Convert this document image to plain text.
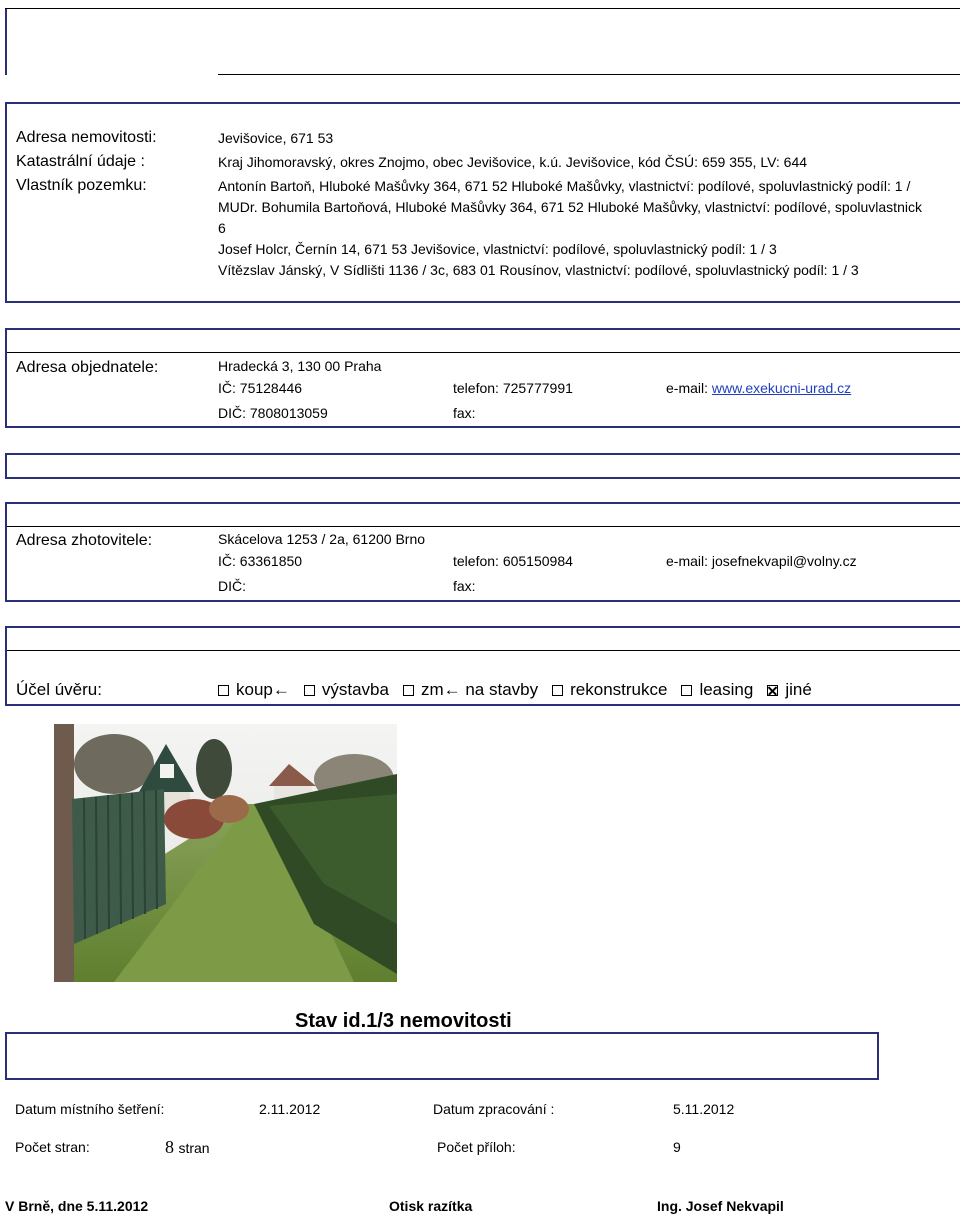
Adresa nemovitosti:	Jevišovice, 671 53
Katastrální údaje :	Kraj Jihomoravský, okres Znojmo, obec Jevišovice, k.ú. Jevišovice, kód ČSÚ: 659 355, LV: 644
Vlastník pozemku:	Antonín Bartoň, Hluboké Mašůvky 364, 671 52 Hluboké Mašůvky, vlastnictví: podílové, spoluvlastnický podíl: 1 /
MUDr. Bohumila Bartoňová, Hluboké Mašůvky 364, 671 52 Hluboké Mašůvky, vlastnictví: podílové, spoluvlastnick
6
Josef Holcr, Černín 14, 671 53 Jevišovice, vlastnictví: podílové, spoluvlastnický podíl: 1 / 3
Vítězslav Jánský, V Sídlišti 1136 / 3c, 683 01 Rousínov, vlastnictví: podílové, spoluvlastnický podíl: 1 / 3
Adresa objednatele:	Hradecká 3, 130 00 Praha
IČ: 75128446	telefon: 725777991	e-mail: www.exekucni-urad.cz
DIČ: 7808013059	fax:
Adresa zhotovitele:	Skácelova 1253 / 2a, 61200 Brno
IČ: 63361850	telefon: 605150984	e-mail: josefnekvapil@volny.cz
DIČ:	fax:
Účel úvěru:	koup← výstavba zm← na stavby rekonstrukce leasing jiné
Stav id.1/3 nemovitosti
Datum místního šetření:	2.11.2012	Datum zpracování :	5.11.2012
Počet stran:	8 stran	Počet příloh:	9
V Brně, dne 5.11.2012	Otisk razítka	Ing. Josef Nekvapil
